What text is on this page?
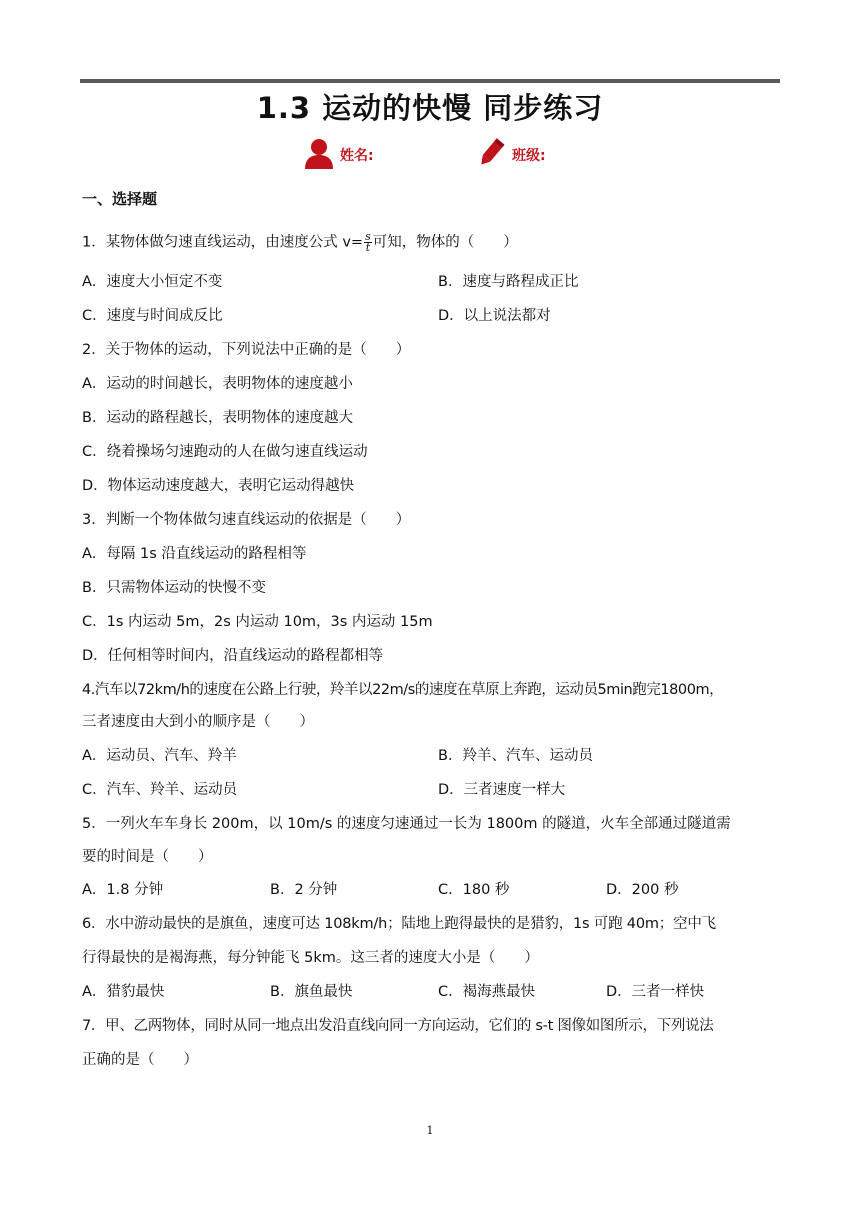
1.3 运动的快慢 同步练习
姓名:	班级:
一、选择题
1．某物体做匀速直线运动，由速度公式 $v= \frac{s}{t}$ 可知，物体的（　　）
A．速度大小恒定不变	B．速度与路程成正比
C．速度与时间成反比	D．以上说法都对
2．关于物体的运动，下列说法中正确的是（　　）
A．运动的时间越长，表明物体的速度越小
B．运动的路程越长，表明物体的速度越大
C．绕着操场匀速跑动的人在做匀速直线运动
D．物体运动速度越大，表明它运动得越快
3．判断一个物体做匀速直线运动的依据是（　　）
A．每隔 1s 沿直线运动的路程相等
B．只需物体运动的快慢不变
C．1s 内运动 5m，2s 内运动 10m，3s 内运动 15m
D．任何相等时间内，沿直线运动的路程都相等
4.汽车以72km/h的速度在公路上行驶，羚羊以22m/s的速度在草原上奔跑，运动员5min跑完1800m，
三者速度由大到小的顺序是（　　）
A．运动员、汽车、羚羊	B．羚羊、汽车、运动员
C．汽车、羚羊、运动员	D．三者速度一样大
5．一列火车车身长 200m，以 10m/s 的速度匀速通过一长为 1800m 的隧道，火车全部通过隧道需
要的时间是（　　）
A．1.8 分钟	B．2 分钟	C．180 秒	D．200 秒
6．水中游动最快的是旗鱼，速度可达 108km/h；陆地上跑得最快的是猎豹，1s 可跑 40m；空中飞
行得最快的是褐海燕，每分钟能飞 5km。这三者的速度大小是（　　）
A．猎豹最快	B．旗鱼最快	C．褐海燕最快	D．三者一样快
7．甲、乙两物体，同时从同一地点出发沿直线向同一方向运动，它们的 s-t 图像如图所示，下列说法
正确的是（　　）
1
